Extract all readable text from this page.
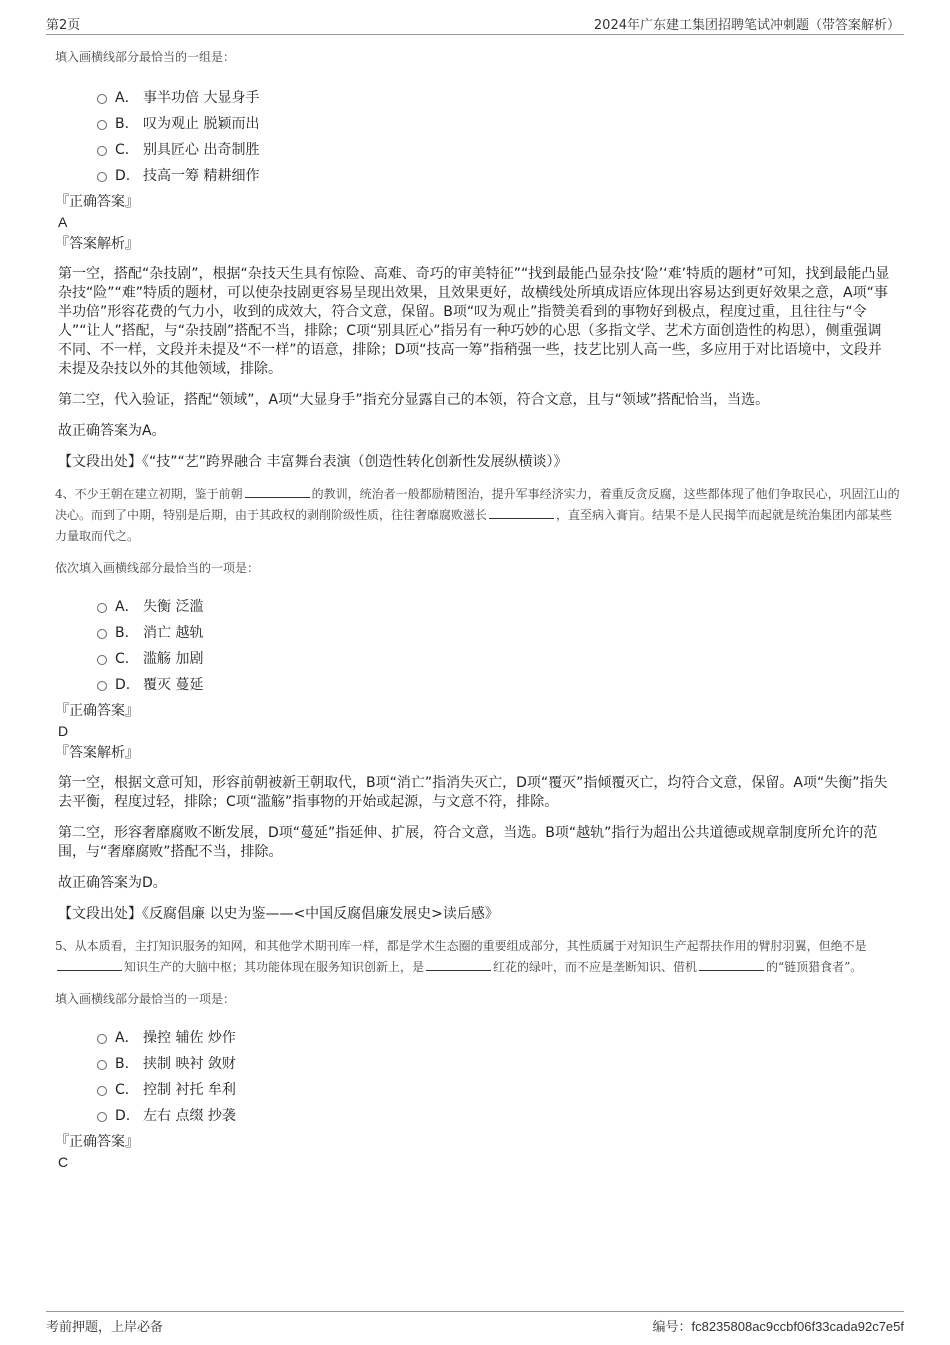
第2页	2024年广东建工集团招聘笔试冲刺题（带答案解析）

填入画横线部分最恰当的一组是：

A． 事半功倍 大显身手
B. 叹为观止 脱颖而出
C. 别具匠心 出奇制胜
D. 技高一筹 精耕细作
『正确答案』
A
『答案解析』

第一空，搭配“杂技剧”，根据“杂技天生具有惊险、高难、奇巧的审美特征”“找到最能凸显杂技‘险’‘难’特质的题材”可知，找到最能凸显杂技“险”“难”特质的题材，可以使杂技剧更容易呈现出效果，且效果更好，故横线处所填成语应体现出容易达到更好效果之意，A项“事半功倍”形容花费的气力小，收到的成效大，符合文意，保留。B项“叹为观止”指赞美看到的事物好到极点，程度过重，且往往与“令人”“让人”搭配，与“杂技剧”搭配不当，排除；C项“别具匠心”指另有一种巧妙的心思（多指文学、艺术方面创造性的构思），侧重强调不同、不一样，文段并未提及“不一样”的语意，排除；D项“技高一筹”指稍强一些，技艺比别人高一些，多应用于对比语境中，文段并未提及杂技以外的其他领域，排除。

第二空，代入验证，搭配“领域”，A项“大显身手”指充分显露自己的本领，符合文意，且与“领域”搭配恰当，当选。

故正确答案为A。

【文段出处】《“技”“艺”跨界融合 丰富舞台表演（创造性转化创新性发展纵横谈）》

4、不少王朝在建立初期，鉴于前朝	的教训，统治者一般都励精图治，提升军事经济实力，着重反贪反腐，这些都体现了他们争取民心，巩固江山的决心。而到了中期，特别是后期，由于其政权的剥削阶级性质，往往奢靡腐败滋长	，直至病入膏肓。结果不是人民揭竿而起就是统治集团内部某些力量取而代之。

依次填入画横线部分最恰当的一项是：

A． 失衡 泛滥
B. 消亡 越轨
C. 滥觞 加剧
D. 覆灭 蔓延
『正确答案』
D
『答案解析』

第一空，根据文意可知，形容前朝被新王朝取代，B项“消亡”指消失灭亡，D项“覆灭”指倾覆灭亡，均符合文意，保留。A项“失衡”指失去平衡，程度过轻，排除；C项“滥觞”指事物的开始或起源，与文意不符，排除。

第二空，形容奢靡腐败不断发展，D项“蔓延”指延伸、扩展，符合文意，当选。B项“越轨”指行为超出公共道德或规章制度所允许的范围，与“奢靡腐败”搭配不当，排除。

故正确答案为D。

【文段出处】《反腐倡廉 以史为鉴——<中国反腐倡廉发展史>读后感》

5、从本质看，主打知识服务的知网，和其他学术期刊库一样，都是学术生态圈的重要组成部分，其性质属于对知识生产起帮扶作用的臂肘羽翼，但绝不是知识生产的大脑中枢；其功能体现在服务知识创新上，是	红花的绿叶，而不应是垄断知识、借机	的“链顶猎食者”。

填入画横线部分最恰当的一项是：

A． 操控 辅佐 炒作
B. 挟制 映衬 敛财
C. 控制 衬托 牟利
D. 左右 点缀 抄袭
『正确答案』
C
考前押题，上岸必备	编号：fc8235808ac9ccbf06f33cada92c7e5f
